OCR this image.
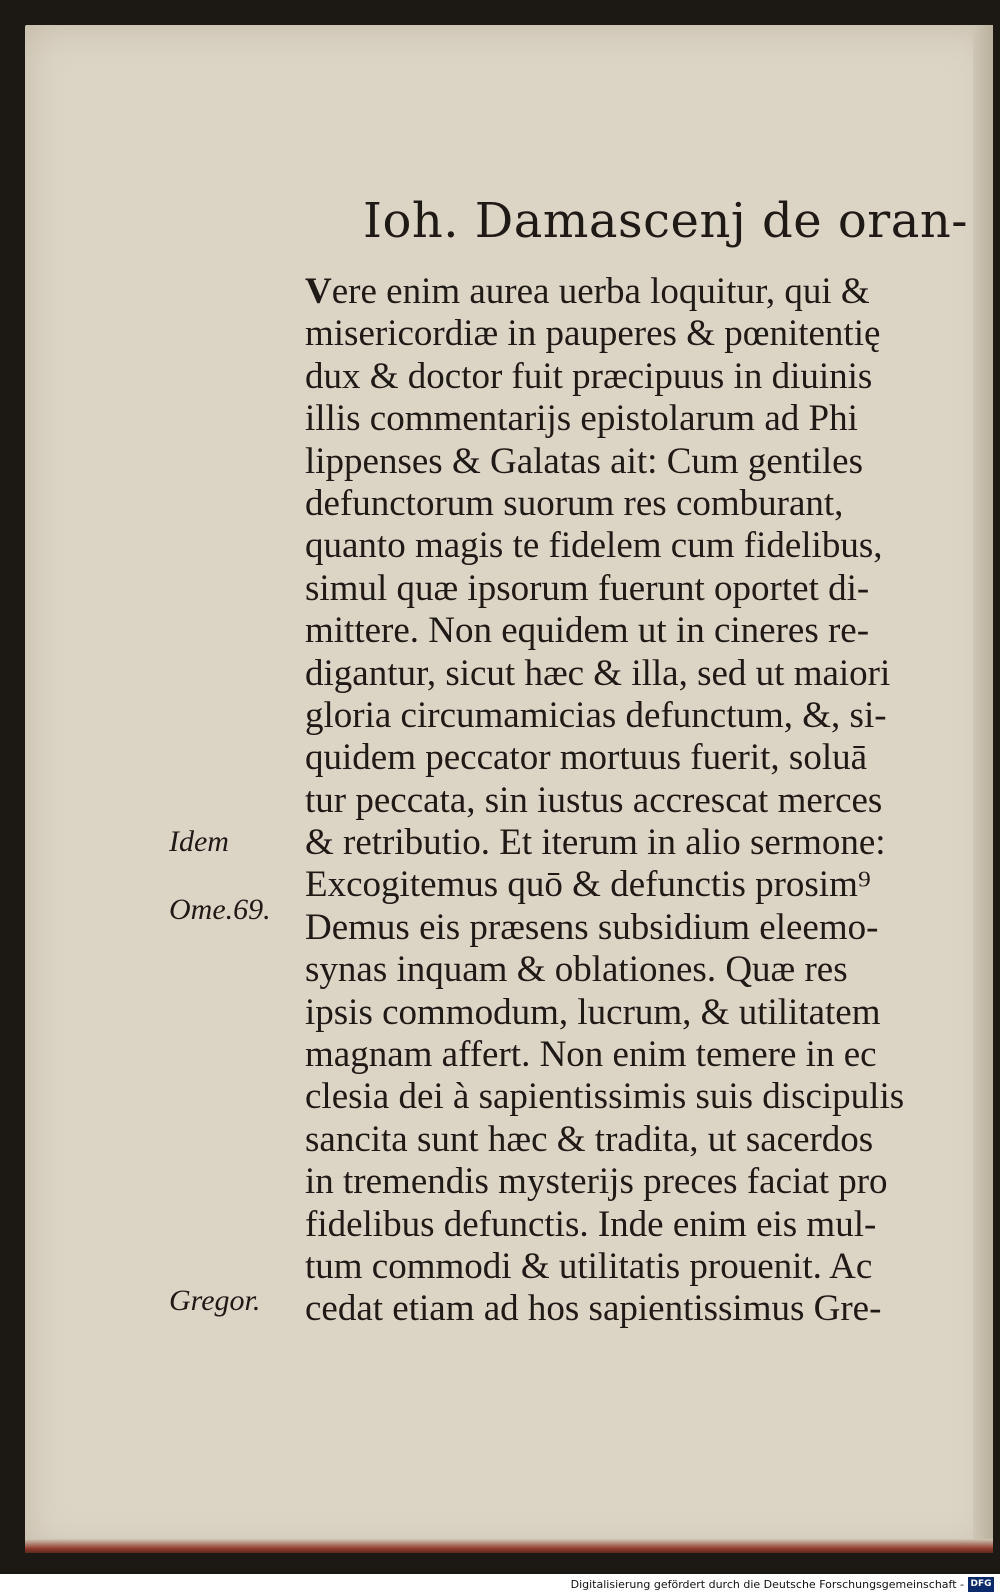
Ioh. Damascenj de oran-
Vere enim aurea uerba loquitur, qui &
misericordiæ in pauperes & pœnitentię
dux & doctor fuit præcipuus in diuinis
illis commentarijs epistolarum ad Phi
lippenses & Galatas ait: Cum gentiles
defunctorum suorum res comburant,
quanto magis te fidelem cum fidelibus,
simul quæ ipsorum fuerunt oportet di-
mittere. Non equidem ut in cineres re-
digantur, sicut hæc & illa, sed ut maiori
gloria circumamicias defunctum, &, si-
quidem peccator mortuus fuerit, soluā
tur peccata, sin iustus accrescat merces
& retributio. Et iterum in alio sermone:
Excogitemus quō & defunctis prosim⁹
Demus eis præsens subsidium eleemo-
synas inquam & oblationes. Quæ res
ipsis commodum, lucrum, & utilitatem
magnam affert. Non enim temere in ec
clesia dei à sapientissimis suis discipulis
sancita sunt hæc & tradita, ut sacerdos
in tremendis mysterijs preces faciat pro
fidelibus defunctis. Inde enim eis mul-
tum commodi & utilitatis prouenit. Ac
cedat etiam ad hos sapientissimus Gre-
Idem
Ome.69.
Gregor.
Digitalisierung gefördert durch die Deutsche Forschungsgemeinschaft - DFG
